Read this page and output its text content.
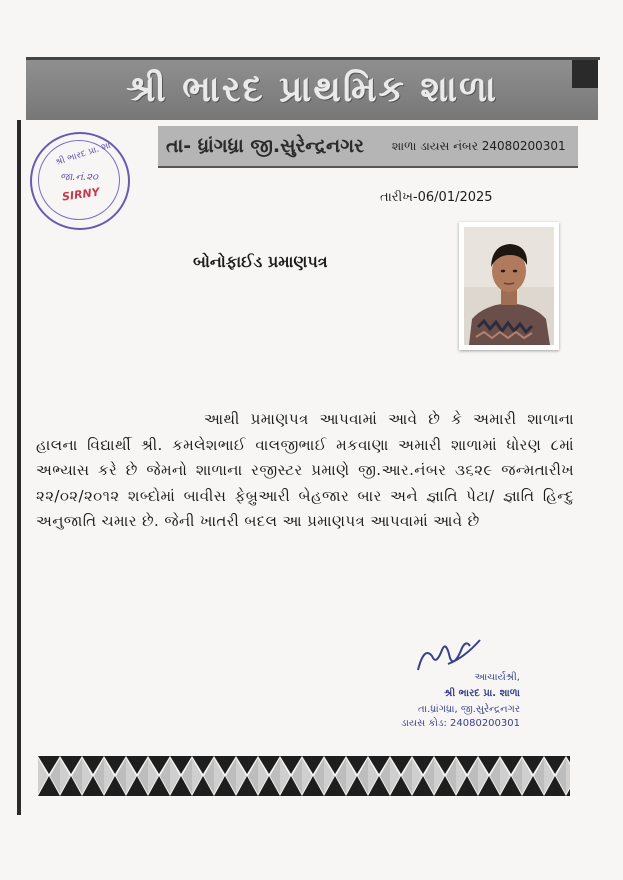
શ્રી ભારદ પ્રાથમિક શાળા
તા- ધ્રાંગધ્રા જી.સુરેન્દ્રનગર શાળા ડાયસ નંબર 24080200301
શ્રી ભારદ પ્રા. શાળા
જા.નં.૨૦
SIRNY	તારીખ-06/01/2025
બોનોફાઈડ પ્રમાણપત્ર

આથી પ્રમાણપત્ર આપવામાં આવે છે કે અમારી શાળાના હાલના વિદ્યાર્થી શ્રી. કમલેશભાઈ વાલજીભાઈ મકવાણા અમારી શાળામાં ધોરણ ૮માં અભ્યાસ કરે છે જેમનો શાળાના રજીસ્ટર પ્રમાણે જી.આર.નંબર ૩૬૨૯ જન્મતારીખ ૨૨/૦૨/૨૦૧૨ શબ્દોમાં બાવીસ ફેબ્રુઆરી બેહજાર બાર અને જ્ઞાતિ પેટા/ જ્ઞાતિ હિન્દુ અનુજાતિ ચમાર છે. જેની ખાતરી બદલ આ પ્રમાણપત્ર આપવામાં આવે છે

આચાર્યશ્રી,
શ્રી ભારદ પ્રા. શાળા
તા.ધ્રાંગધ્રા, જી.સુરેન્દ્રનગર
ડાયસ કોડ: 24080200301
